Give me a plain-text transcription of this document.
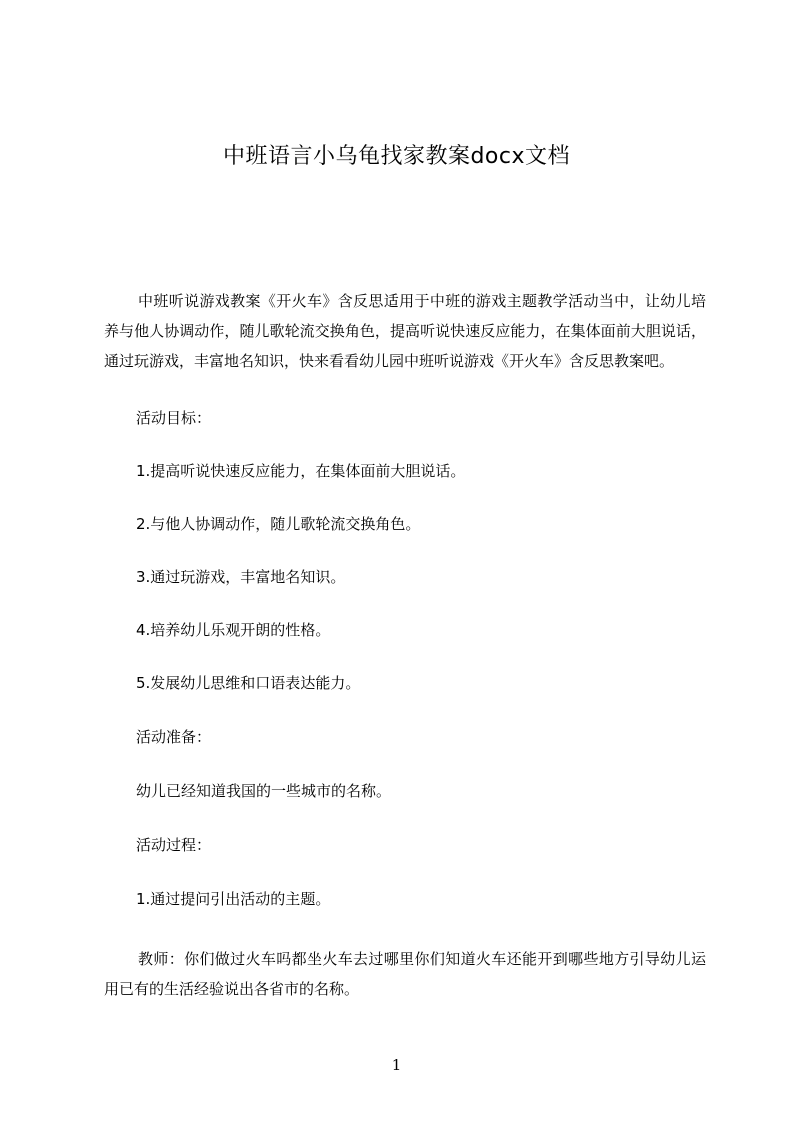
中班语言小乌龟找家教案docx文档

中班听说游戏教案《开火车》含反思适用于中班的游戏主题教学活动当中，让幼儿培养与他人协调动作，随儿歌轮流交换角色，提高听说快速反应能力，在集体面前大胆说话，通过玩游戏，丰富地名知识，快来看看幼儿园中班听说游戏《开火车》含反思教案吧。

活动目标：

1.提高听说快速反应能力，在集体面前大胆说话。

2.与他人协调动作，随儿歌轮流交换角色。

3.通过玩游戏，丰富地名知识。

4.培养幼儿乐观开朗的性格。

5.发展幼儿思维和口语表达能力。

活动准备：

幼儿已经知道我国的一些城市的名称。

活动过程：

1.通过提问引出活动的主题。

教师：你们做过火车吗都坐火车去过哪里你们知道火车还能开到哪些地方引导幼儿运用已有的生活经验说出各省市的名称。

1
